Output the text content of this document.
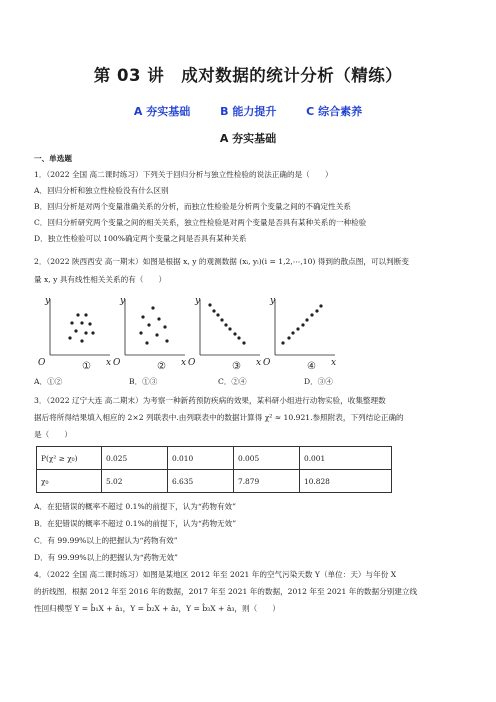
第 03 讲　成对数据的统计分析（精练）
A 夯实基础	B 能力提升	C 综合素养
A 夯实基础
一、单选题
1．（2022 全国 高二课时练习）下列关于回归分析与独立性检验的说法正确的是（　　）
A．回归分析和独立性检验没有什么区别
B．回归分析是对两个变量准确关系的分析，而独立性检验是分析两个变量之间的不确定性关系
C．回归分析研究两个变量之间的相关关系，独立性检验是对两个变量是否具有某种关系的一种检验
D．独立性检验可以 100%确定两个变量之间是否具有某种关系
2．（2022 陕西西安 高一期末）如图是根据 x, y 的观测数据 (xᵢ, yᵢ)(i = 1,2,⋯,10) 得到的散点图，可以判断变
量 x, y 具有线性相关关系的有（　　）
y
x
O	①
y
x
O	②
y
x
O	③
y
x
O	④
A．①②	B．①③	C．②④	D．③④
3．（2022 辽宁大连 高二期末）为考察一种新药预防疾病的效果，某科研小组进行动物实验，收集整理数
据后将所得结果填入相应的 2×2 列联表中.由列联表中的数据计算得 χ² ≈ 10.921.参照附表，下列结论正确的
是（　　）
P(χ² ≥ χ₀)	0.025	0.010	0.005	0.001
χ₀	5.02	6.635	7.879	10.828
A．在犯错误的概率不超过 0.1%的前提下，认为“药物有效”
B．在犯错误的概率不超过 0.1%的前提下，认为“药物无效”
C．有 99.99%以上的把握认为“药物有效”
D．有 99.99%以上的把握认为“药物无效”
4．（2022 全国 高二课时练习）如图是某地区 2012 年至 2021 年的空气污染天数 Y（单位：天）与年份 X
的折线图．根据 2012 年至 2016 年的数据，2017 年至 2021 年的数据，2012 年至 2021 年的数据分别建立线
性回归模型 Y = b̂₁X + â₁，Y = b̂₂X + â₂，Y = b̂₃X + â₃，则（　　）
